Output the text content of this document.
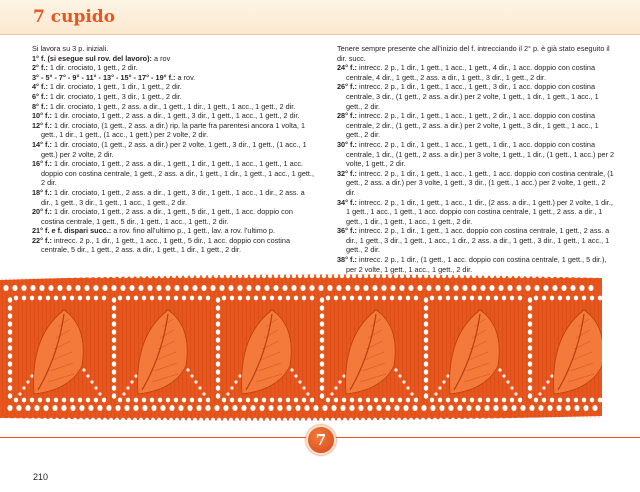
7 cupido

Si lavora su 3 p. iniziali.

1° f. (si esegue sul rov. del lavoro): a rov

2° f.: 1 dir. crociato, 1 gett., 2 dir.

3° - 5° - 7° - 9° - 11° - 13° - 15° - 17° - 19° f.: a rov.

4° f.: 1 dir. crociato, 1 gett., 1 dir., 1 gett., 2 dir.

6° f.: 1 dir. crociato, 1 gett., 3 dir., 1 gett., 2 dir.

8° f.: 1 dir. crociato, 1 gett., 2 ass. a dir., 1 gett., 1 dir., 1 gett., 1 acc., 1 gett., 2 dir.

10° f.: 1 dir. crociato, 1 gett., 2 ass. a dir., 1 gett., 3 dir., 1 gett., 1 acc., 1 gett., 2 dir.

12° f.: 1 dir. crociato, (1 gett., 2 ass. a dir.) rip. la parte fra parentesi ancora 1 volta, 1 gett., 1 dir., 1 gett., (1 acc., 1 gett.) per 2 volte, 2 dir.

14° f.: 1 dir. crociato, (1 gett., 2 ass. a dir.) per 2 volte, 1 gett., 3 dir., 1 gett., (1 acc., 1 gett.) per 2 volte, 2 dir.

16° f.: 1 dir. crociato, 1 gett., 2 ass. a dir., 1 gett., 1 dir., 1 gett., 1 acc., 1 gett., 1 acc. doppio con costina centrale, 1 gett., 2 ass. a dir., 1 gett., 1 dir., 1 gett., 1 acc., 1 gett., 2 dir.

18° f.: 1 dir. crociato, 1 gett., 2 ass. a dir., 1 gett., 3 dir., 1 gett., 1 acc., 1 dir., 2 ass. a dir., 1 gett., 3 dir., 1 gett., 1 acc., 1 gett., 2 dir.

20° f.: 1 dir. crociato, 1 gett., 2 ass. a dir., 1 gett., 5 dir., 1 gett., 1 acc. doppio con costina centrale, 1 gett., 5 dir., 1 gett., 1 acc., 1 gett., 2 dir.

21° f. e f. dispari succ.: a rov. fino all’ultimo p., 1 gett., lav. a rov. l’ultimo p.

22° f.: intrecc. 2 p., 1 dir., 1 gett., 1 acc., 1 gett., 5 dir., 1 acc. doppio con costina centrale, 5 dir., 1 gett., 2 ass. a dir., 1 gett., 1 dir., 1 gett., 2 dir.

Tenere sempre presente che all’inizio del f. intrecciando il 2° p. è già stato eseguito il dir. succ.

24° f.: intrecc. 2 p., 1 dir., 1 gett., 1 acc., 1 gett., 4 dir., 1 acc. doppio con costina centrale, 4 dir., 1 gett., 2 ass. a dir., 1 gett., 3 dir., 1 gett., 2 dir.

26° f.: intrecc. 2 p., 1 dir., 1 gett., 1 acc., 1 gett., 3 dir., 1 acc. doppio con costina centrale, 3 dir., (1 gett., 2 ass. a dir.) per 2 volte, 1 gett., 1 dir., 1 gett., 1 acc., 1 gett., 2 dir.

28° f.: intrecc. 2 p., 1 dir., 1 gett., 1 acc., 1 gett., 2 dir., 1 acc. doppio con costina centrale, 2 dir., (1 gett., 2 ass. a dir.) per 2 volte, 1 gett., 3 dir., 1 gett., 1 acc., 1 gett., 2 dir.

30° f.: intrecc. 2 p., 1 dir., 1 gett., 1 acc., 1 gett., 1 dir., 1 acc. doppio con costina centrale, 1 dir., (1 gett., 2 ass. a dir.) per 3 volte, 1 gett., 1 dir., (1 gett., 1 acc.) per 2 volte, 1 gett., 2 dir.

32° f.: intrecc. 2 p., 1 dir., 1 gett., 1 acc., 1 gett., 1 acc. doppio con costina centrale, (1 gett., 2 ass. a dir.) per 3 volte, 1 gett., 3 dir., (1 gett., 1 acc.) per 2 volte, 1 gett., 2 dir.

34° f.: intrecc. 2 p., 1 dir., 1 gett., 1 acc., 1 dir., (2 ass. a dir., 1 gett.) per 2 volte, 1 dir., 1 gett., 1 acc., 1 gett., 1 acc. doppio con costina centrale, 1 gett., 2 ass. a dir., 1 gett., 1 dir., 1 gett., 1 acc., 1 gett., 2 dir.

36° f.: intrecc. 2 p., 1 dir., 1 gett., 1 acc. doppio con costina centrale, 1 gett., 2 ass. a dir., 1 gett., 3 dir., 1 gett., 1 acc., 1 dir., 2 ass. a dir., 1 gett., 3 dir., 1 gett., 1 acc., 1 gett., 2 dir.

38° f.: intrecc. 2 p., 1 dir., (1 gett., 1 acc. doppio con costina centrale, 1 gett., 5 dir.), per 2 volte, 1 gett., 1 acc., 1 gett., 2 dir.

7
210
